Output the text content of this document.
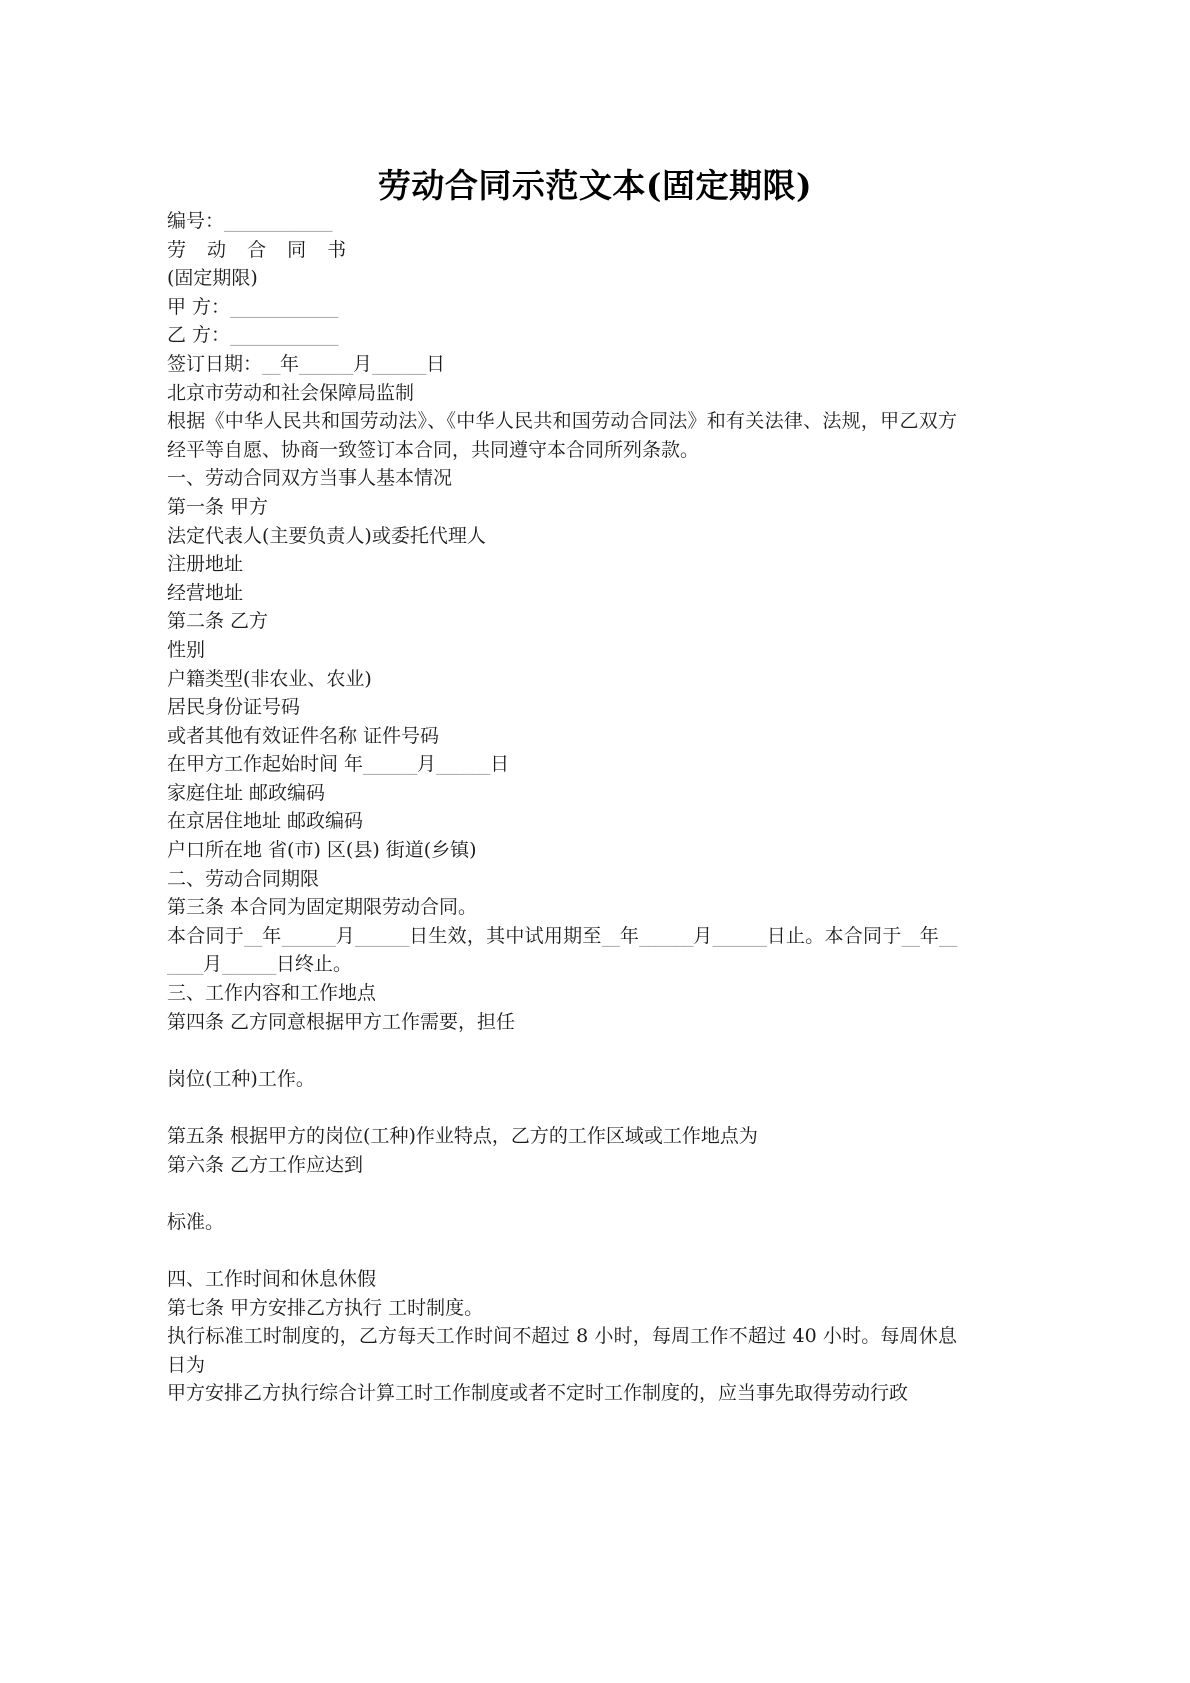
劳动合同示范文本(固定期限)
编号：____________
劳 动 合 同 书
(固定期限)
甲 方：____________
乙 方：____________
签订日期：__年______月______日
北京市劳动和社会保障局监制
根据《中华人民共和国劳动法》、《中华人民共和国劳动合同法》和有关法律、法规，甲乙双方经平等自愿、协商一致签订本合同，共同遵守本合同所列条款。
一、劳动合同双方当事人基本情况
第一条 甲方
法定代表人(主要负责人)或委托代理人
注册地址
经营地址
第二条 乙方
性别
户籍类型(非农业、农业)
居民身份证号码
或者其他有效证件名称 证件号码
在甲方工作起始时间 年______月______日
家庭住址 邮政编码
在京居住地址 邮政编码
户口所在地 省(市) 区(县) 街道(乡镇)
二、劳动合同期限
第三条 本合同为固定期限劳动合同。
本合同于__年______月______日生效，其中试用期至__年______月______日止。本合同于__年______月______日终止。
三、工作内容和工作地点
第四条 乙方同意根据甲方工作需要，担任
岗位(工种)工作。
第五条 根据甲方的岗位(工种)作业特点，乙方的工作区域或工作地点为
第六条 乙方工作应达到
标准。
四、工作时间和休息休假
第七条 甲方安排乙方执行 工时制度。
执行标准工时制度的，乙方每天工作时间不超过 8 小时，每周工作不超过 40 小时。每周休息日为
甲方安排乙方执行综合计算工时工作制度或者不定时工作制度的，应当事先取得劳动行政
